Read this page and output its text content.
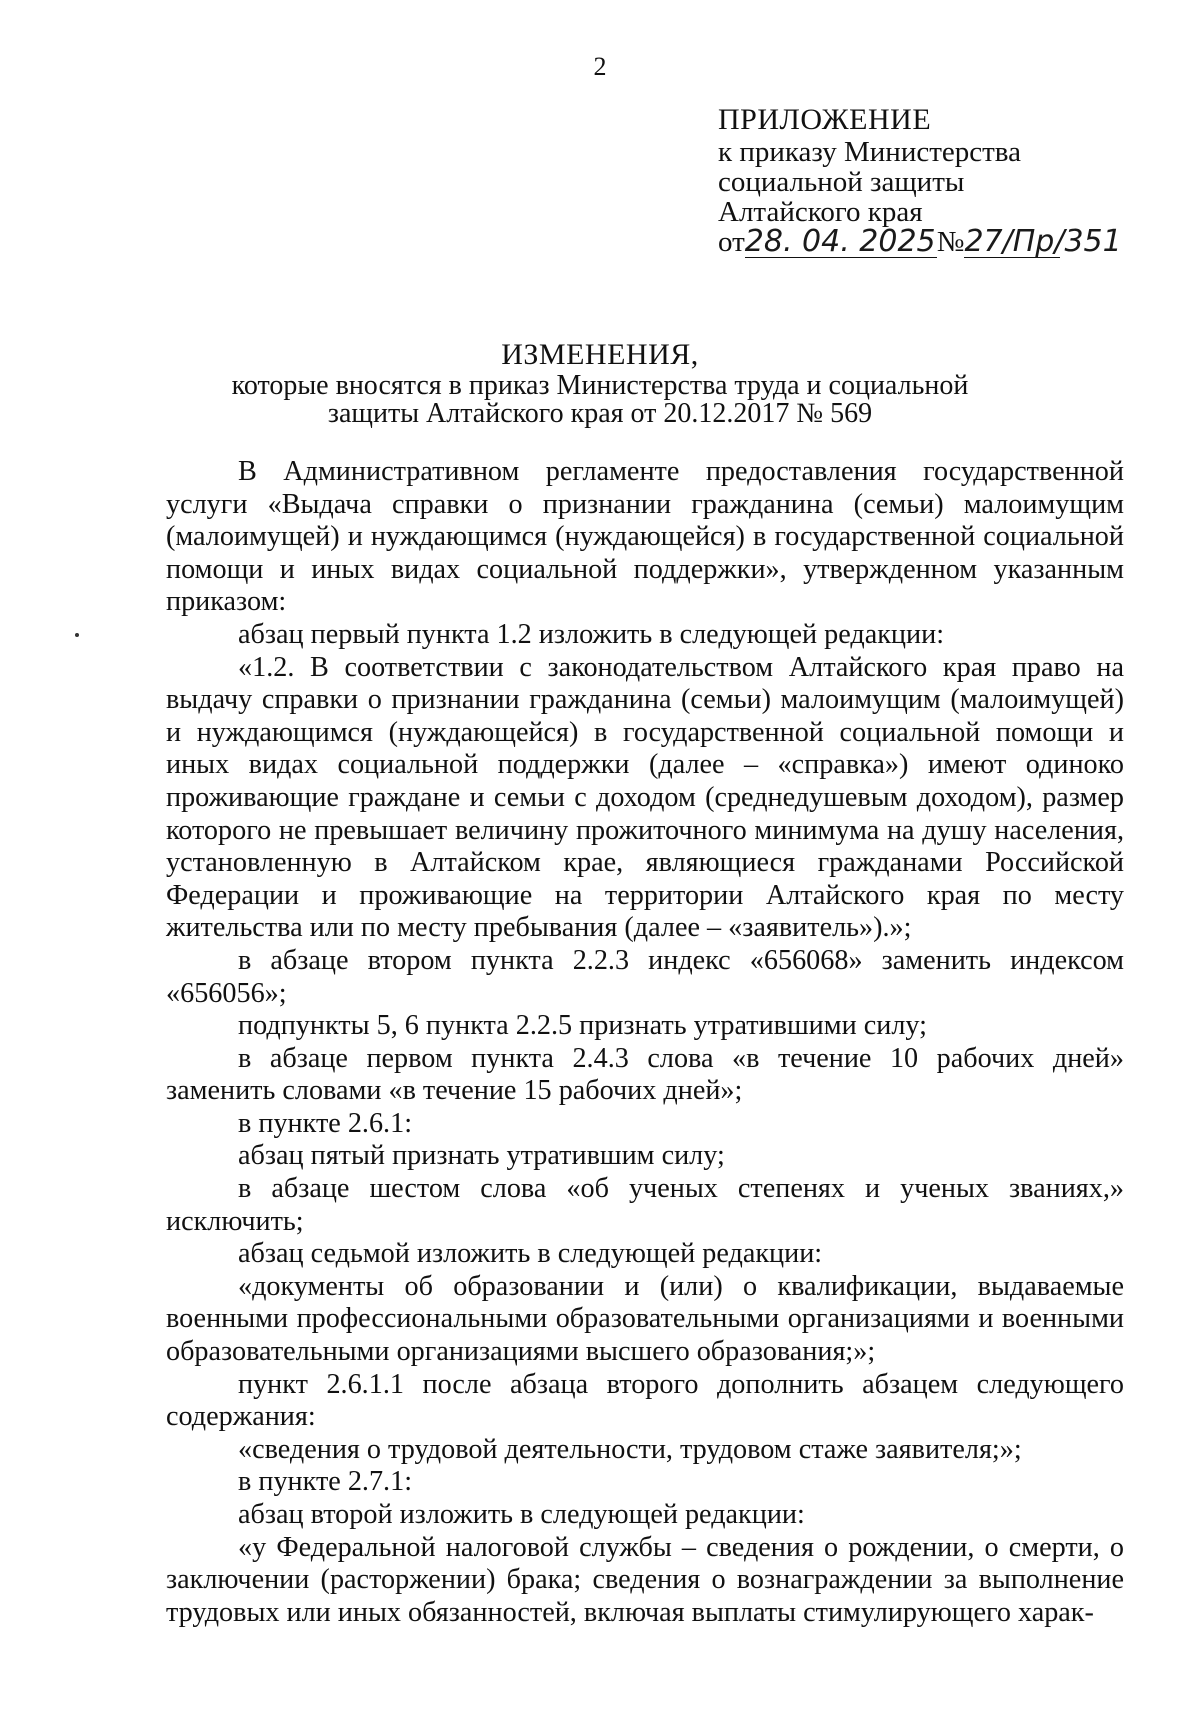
2
ПРИЛОЖЕНИЕ
к приказу Министерства
социальной защиты
Алтайского края
от28. 04. 2025№27/Пр/351
ИЗМЕНЕНИЯ,
которые вносятся в приказ Министерства труда и социальной
защиты Алтайского края от 20.12.2017 № 569

В Административном регламенте предоставления государственной услуги «Выдача справки о признании гражданина (семьи) малоимущим (малоимущей) и нуждающимся (нуждающейся) в государственной социальной помощи и иных видах социальной поддержки», утвержденном указанным приказом:

абзац первый пункта 1.2 изложить в следующей редакции:

«1.2. В соответствии с законодательством Алтайского края право на выдачу справки о признании гражданина (семьи) малоимущим (малоимущей) и нуждающимся (нуждающейся) в государственной социальной помощи и иных видах социальной поддержки (далее – «справка») имеют одиноко проживающие граждане и семьи с доходом (среднедушевым доходом), размер которого не превышает величину прожиточного минимума на душу населения, установленную в Алтайском крае, являющиеся гражданами Российской Федерации и проживающие на территории Алтайского края по месту жительства или по месту пребывания (далее – «заявитель»).»;

в абзаце втором пункта 2.2.3 индекс «656068» заменить индексом «656056»;

подпункты 5, 6 пункта 2.2.5 признать утратившими силу;

в абзаце первом пункта 2.4.3 слова «в течение 10 рабочих дней» заменить словами «в течение 15 рабочих дней»;

в пункте 2.6.1:

абзац пятый признать утратившим силу;

в абзаце шестом слова «об ученых степенях и ученых званиях,» исключить;

абзац седьмой изложить в следующей редакции:

«документы об образовании и (или) о квалификации, выдаваемые военными профессиональными образовательными организациями и военными образовательными организациями высшего образования;»;

пункт 2.6.1.1 после абзаца второго дополнить абзацем следующего содержания:

«сведения о трудовой деятельности, трудовом стаже заявителя;»;

в пункте 2.7.1:

абзац второй изложить в следующей редакции:

«у Федеральной налоговой службы – сведения о рождении, о смерти, о заключении (расторжении) брака; сведения о вознаграждении за выполнение трудовых или иных обязанностей, включая выплаты стимулирующего харак-
